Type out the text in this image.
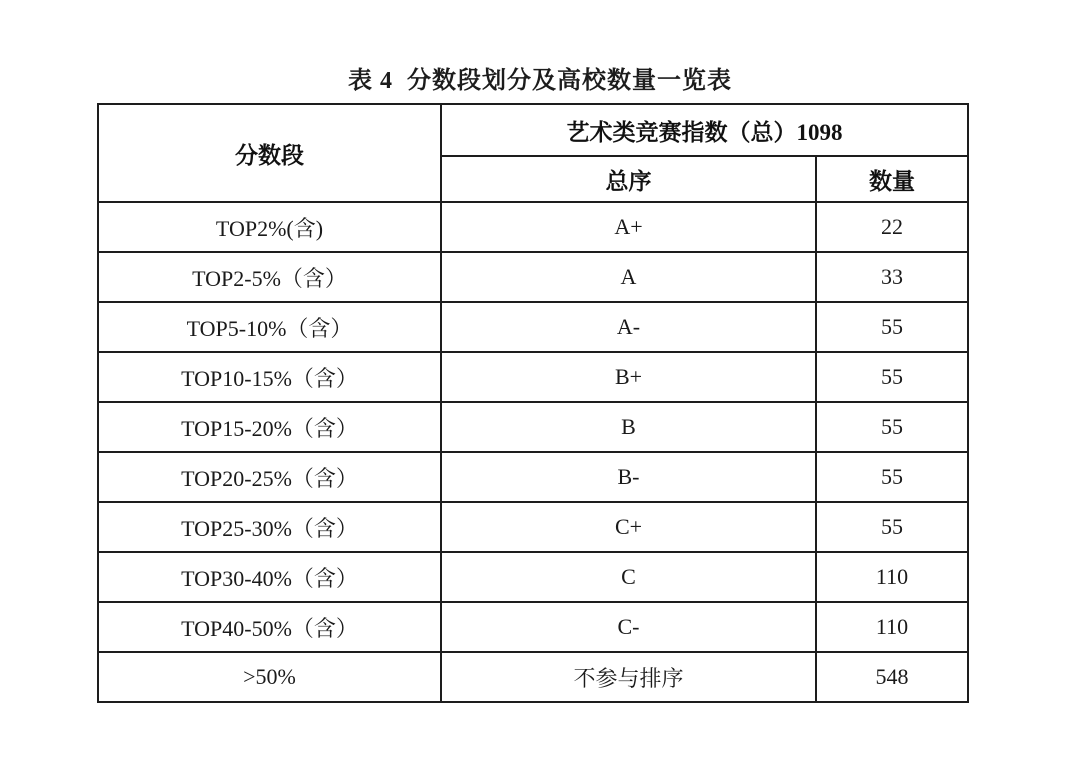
表 4  分数段划分及高校数量一览表
分数段	艺术类竞赛指数（总）1098	
	总序	数量
TOP2%(含)	A+	22
TOP2-5%（含）	A	33
TOP5-10%（含）	A-	55
TOP10-15%（含）	B+	55
TOP15-20%（含）	B	55
TOP20-25%（含）	B-	55
TOP25-30%（含）	C+	55
TOP30-40%（含）	C	110
TOP40-50%（含）	C-	110
>50%	不参与排序	548
